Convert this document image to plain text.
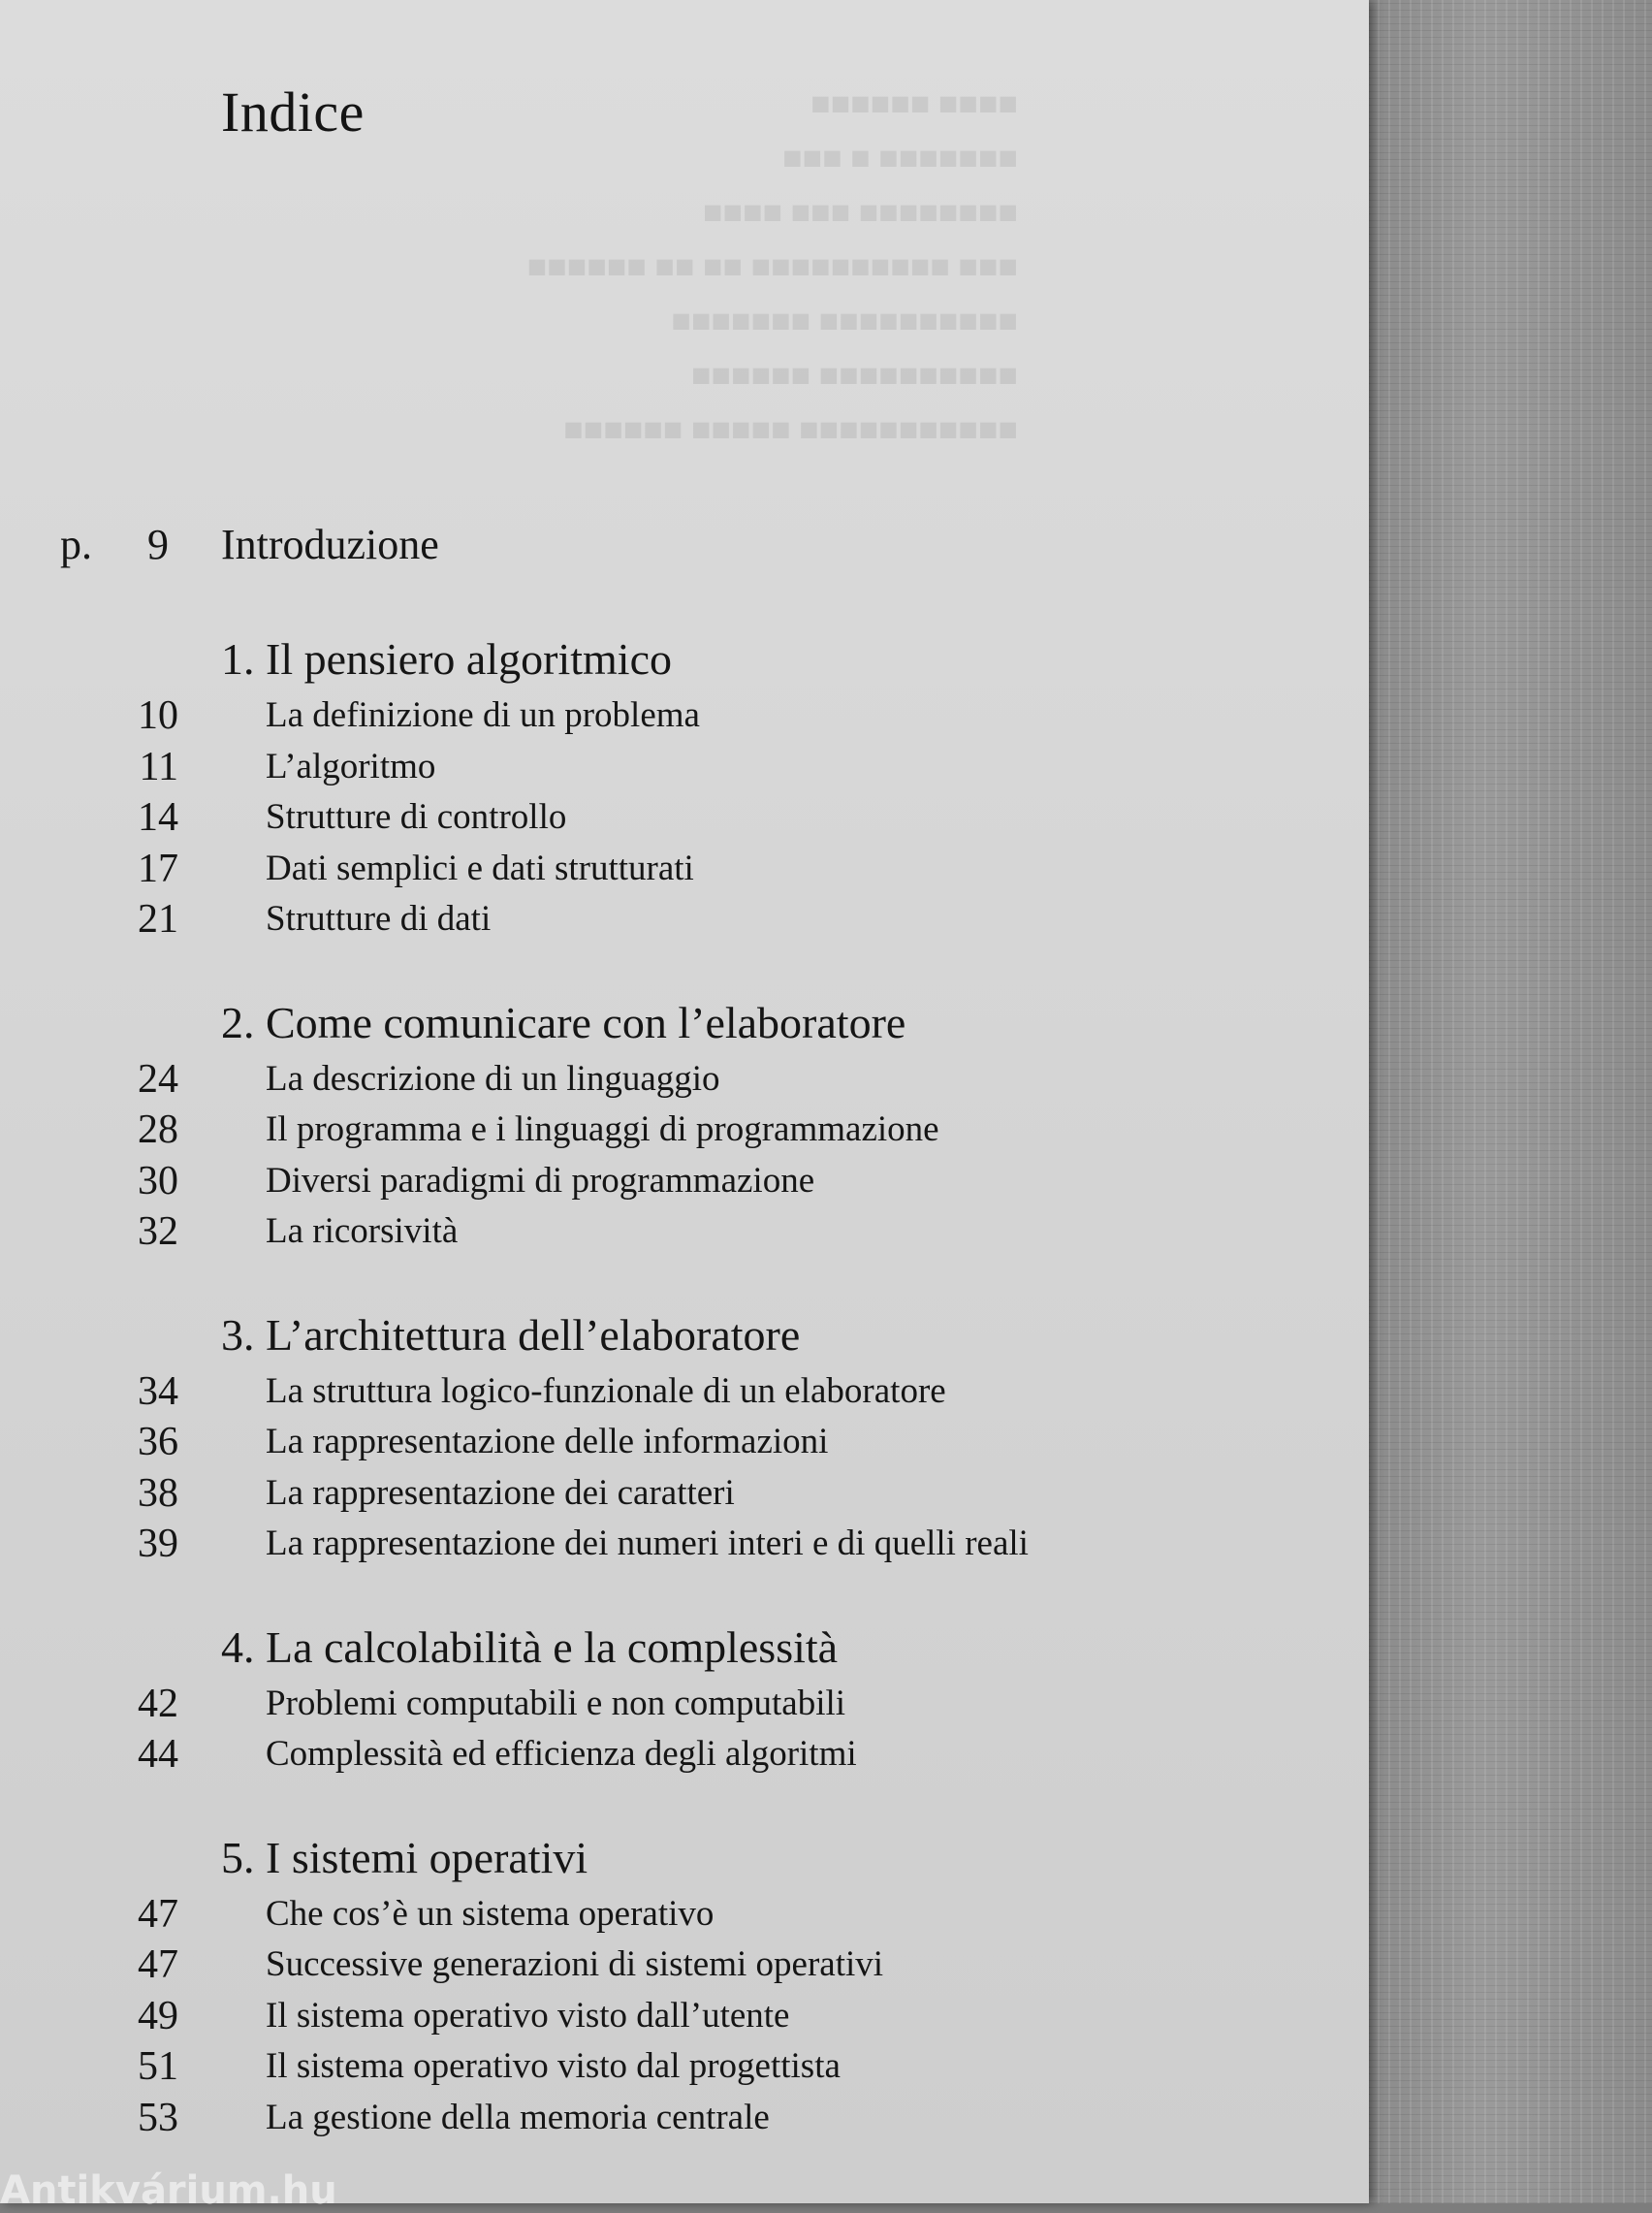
■■■■ ■■■■■■
■■■■■■■ ■ ■■■
■■■■■■■■ ■■■ ■■■■
■■■ ■■■■■■■■■■ ■■ ■■ ■■■■■■
■■■■■■■■■■ ■■■■■■■
■■■■■■■■■■ ■■■■■■
■■■■■■■■■■■ ■■■■■ ■■■■■■
Indice
p. 9 Introduzione
1. Il pensiero algoritmico
10 La definizione di un problema
11 L’algoritmo
14 Strutture di controllo
17 Dati semplici e dati strutturati
21 Strutture di dati
2. Come comunicare con l’elaboratore
24 La descrizione di un linguaggio
28 Il programma e i linguaggi di programmazione
30 Diversi paradigmi di programmazione
32 La ricorsività
3. L’architettura dell’elaboratore
34 La struttura logico-funzionale di un elaboratore
36 La rappresentazione delle informazioni
38 La rappresentazione dei caratteri
39 La rappresentazione dei numeri interi e di quelli reali
4. La calcolabilità e la complessità
42 Problemi computabili e non computabili
44 Complessità ed efficienza degli algoritmi
5. I sistemi operativi
47 Che cos’è un sistema operativo
47 Successive generazioni di sistemi operativi
49 Il sistema operativo visto dall’utente
51 Il sistema operativo visto dal progettista
53 La gestione della memoria centrale
Antikvárium.hu
